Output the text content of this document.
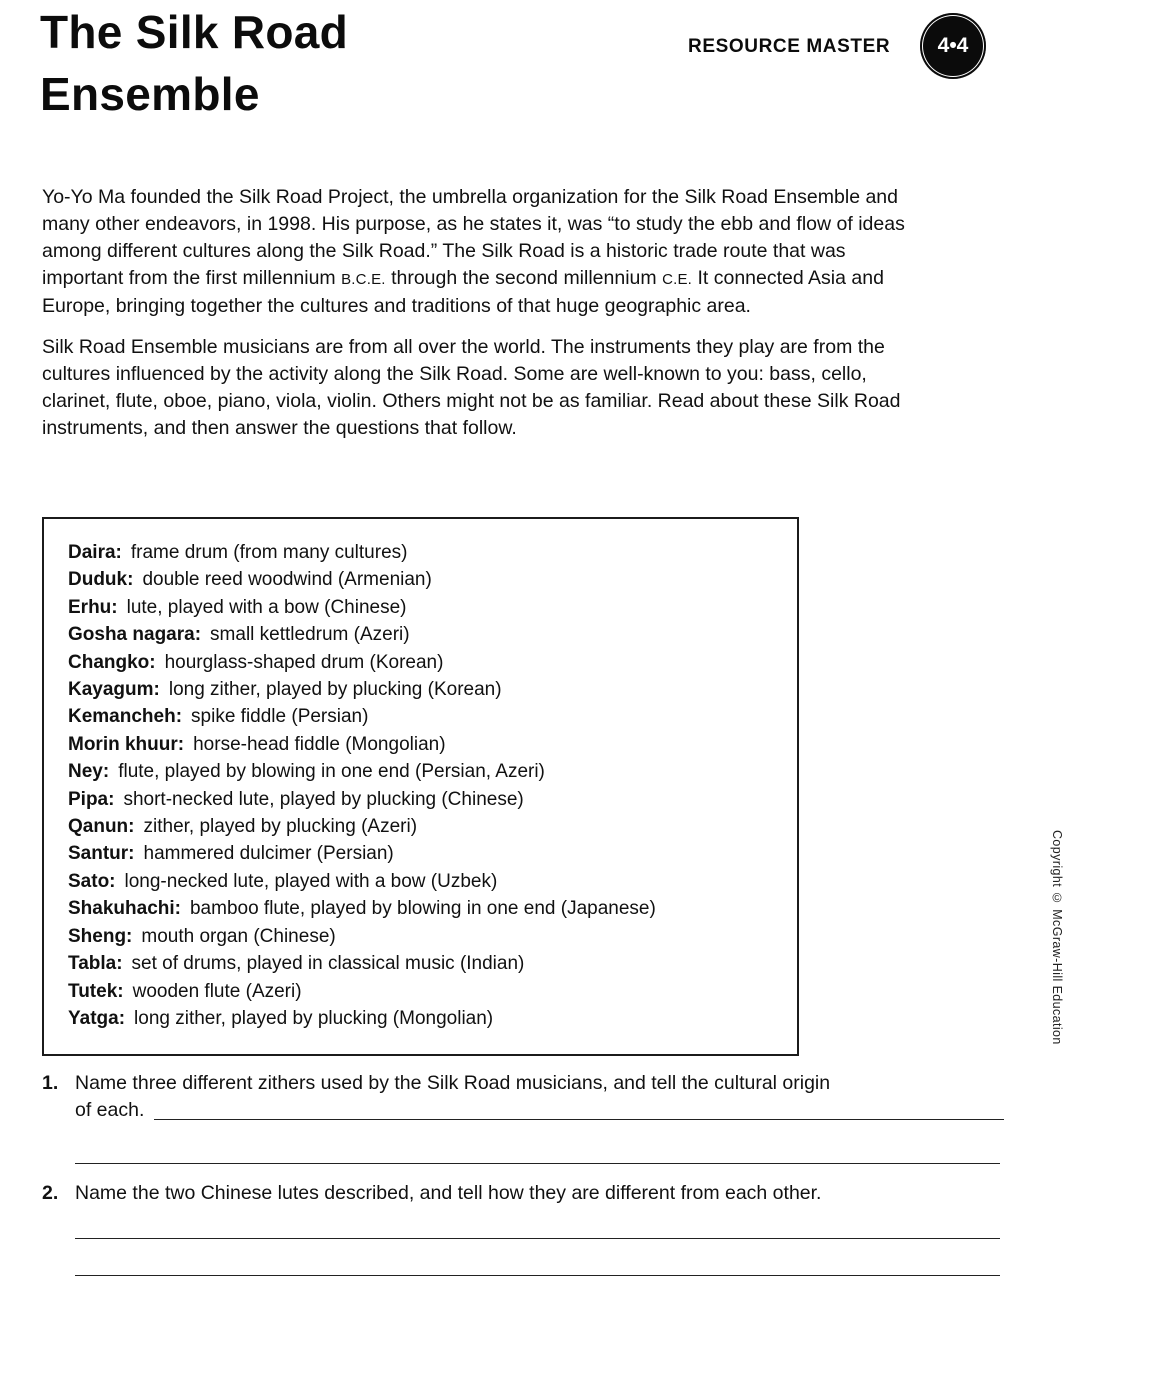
The Silk Road
Ensemble
RESOURCE MASTER	4•4

Yo-Yo Ma founded the Silk Road Project, the umbrella organization for the Silk Road Ensemble and many other endeavors, in 1998. His purpose, as he states it, was “to study the ebb and flow of ideas among different cultures along the Silk Road.” The Silk Road is a historic trade route that was important from the first millennium B.C.E. through the second millennium C.E. It connected Asia and Europe, bringing together the cultures and traditions of that huge geographic area.

Silk Road Ensemble musicians are from all over the world. The instruments they play are from the cultures influenced by the activity along the Silk Road. Some are well-known to you: bass, cello, clarinet, flute, oboe, piano, viola, violin. Others might not be as familiar. Read about these Silk Road instruments, and then answer the questions that follow.

Daira: frame drum (from many cultures)
Duduk: double reed woodwind (Armenian)
Erhu: lute, played with a bow (Chinese)
Gosha nagara: small kettledrum (Azeri)
Changko: hourglass-shaped drum (Korean)
Kayagum: long zither, played by plucking (Korean)
Kemancheh: spike fiddle (Persian)
Morin khuur: horse-head fiddle (Mongolian)
Ney: flute, played by blowing in one end (Persian, Azeri)
Pipa: short-necked lute, played by plucking (Chinese)
Qanun: zither, played by plucking (Azeri)
Santur: hammered dulcimer (Persian)
Sato: long-necked lute, played with a bow (Uzbek)
Shakuhachi: bamboo flute, played by blowing in one end (Japanese)
Sheng: mouth organ (Chinese)
Tabla: set of drums, played in classical music (Indian)
Tutek: wooden flute (Azeri)
Yatga: long zither, played by plucking (Mongolian)
1. Name three different zithers used by the Silk Road musicians, and tell the cultural origin
of each.
2. Name the two Chinese lutes described, and tell how they are different from each other.
Copyright © McGraw-Hill Education
